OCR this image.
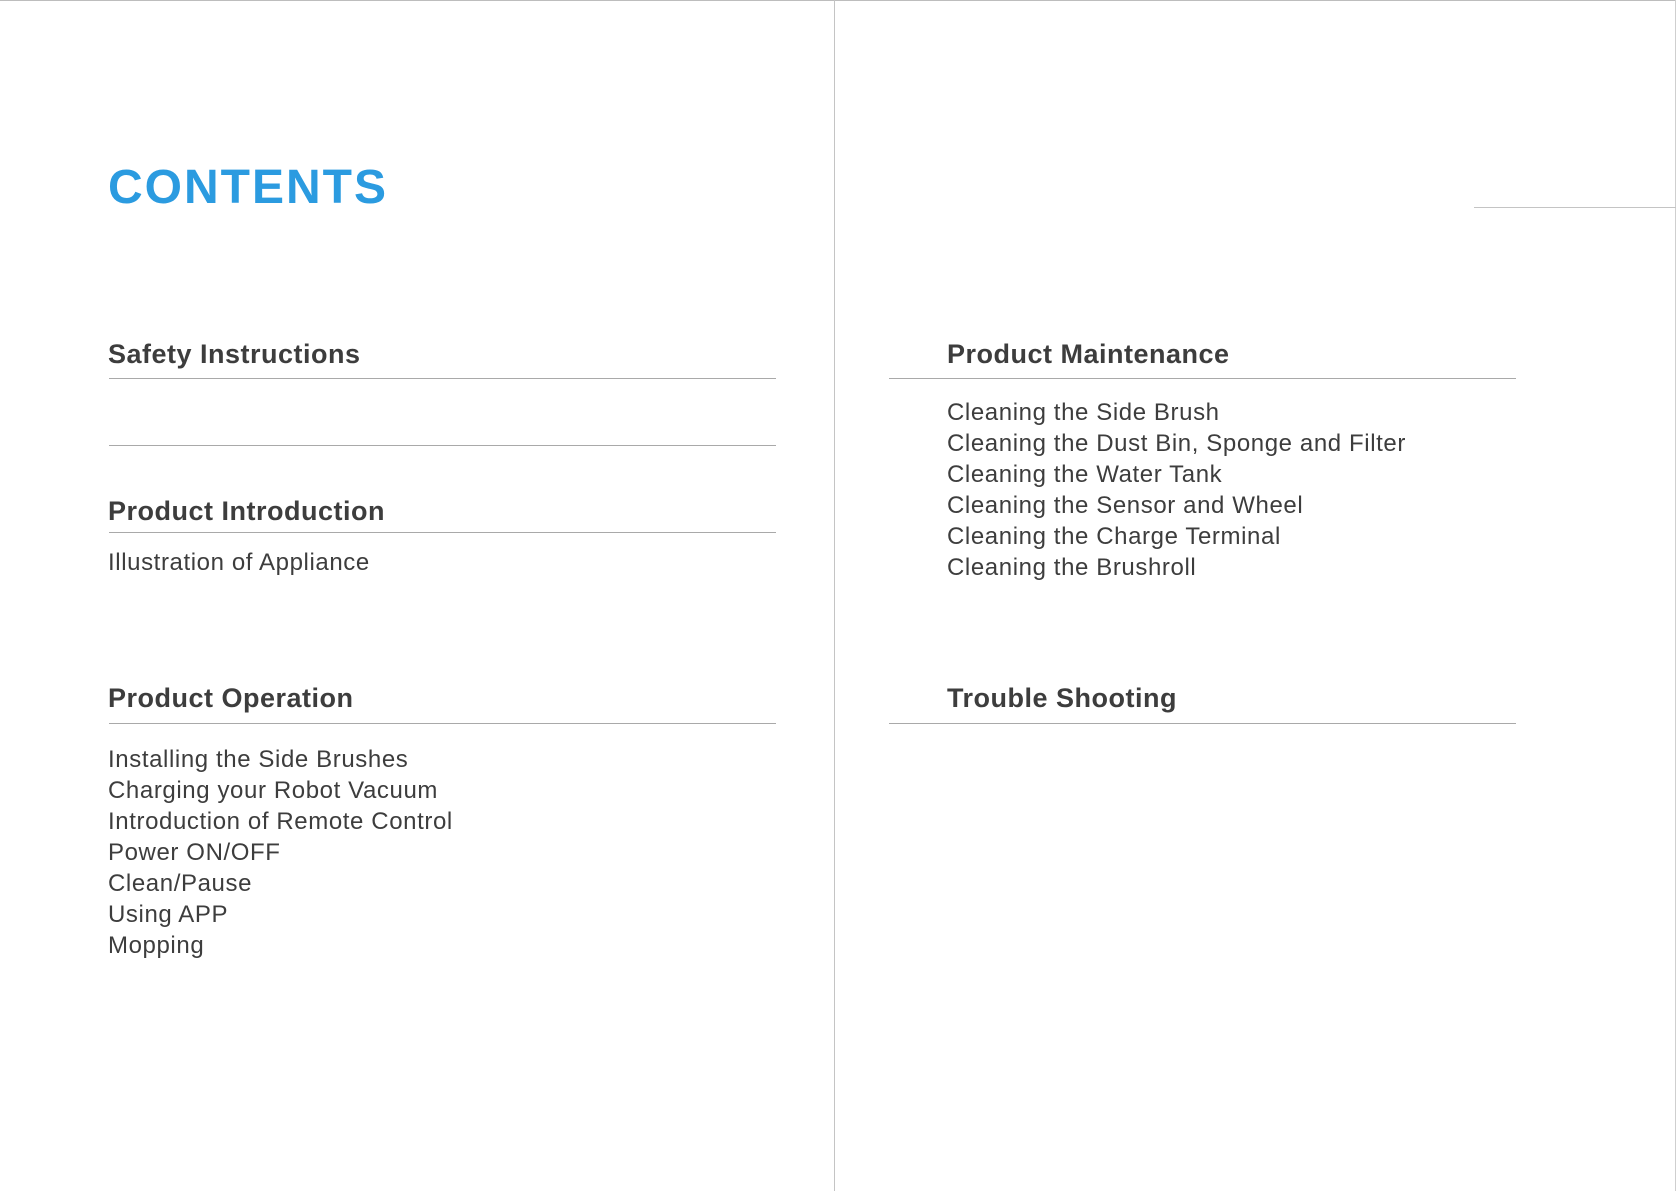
CONTENTS
Safety Instructions
Product Introduction
Illustration of Appliance
Product Operation
Installing the Side Brushes
Charging your Robot Vacuum
Introduction of Remote Control
Power ON/OFF
Clean/Pause
Using APP
Mopping
Product Maintenance
Cleaning the Side Brush
Cleaning the Dust Bin, Sponge and Filter
Cleaning the Water Tank
Cleaning the Sensor and Wheel
Cleaning the Charge Terminal
Cleaning the Brushroll
Trouble Shooting
